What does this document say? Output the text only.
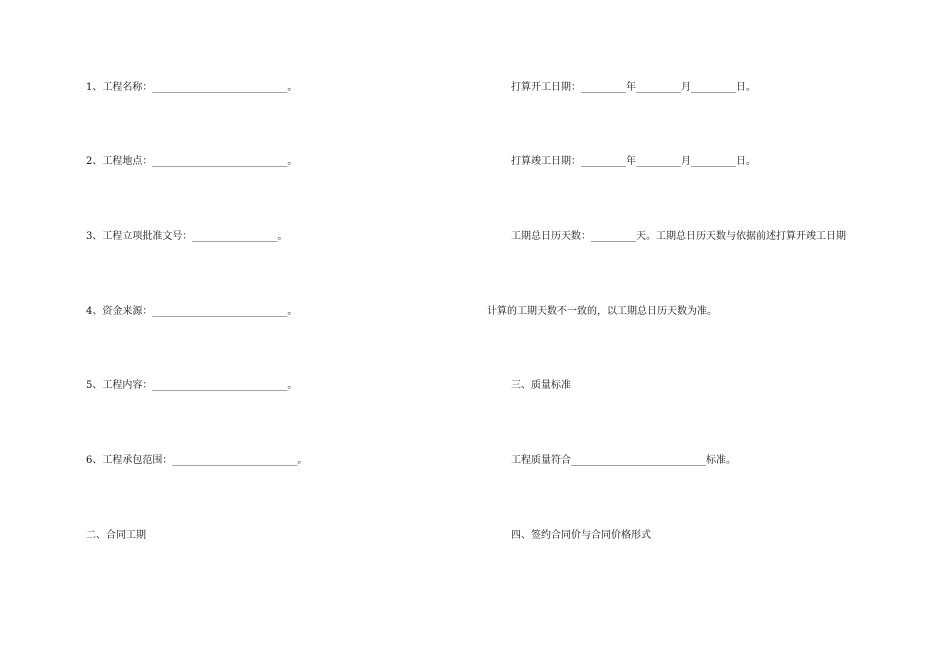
1、工程名称：___________________________。
2、工程地点：___________________________。
3、工程立项批准文号：_________________。
4、资金来源：___________________________。
5、工程内容：___________________________。
6、工程承包范围：_________________________。
二、合同工期
打算开工日期：_________年_________月_________日。
打算竣工日期：_________年_________月_________日。
工期总日历天数：_________天。工期总日历天数与依据前述打算开竣工日期
计算的工期天数不一致的，以工期总日历天数为准。
三、质量标准
工程质量符合___________________________标准。
四、签约合同价与合同价格形式
